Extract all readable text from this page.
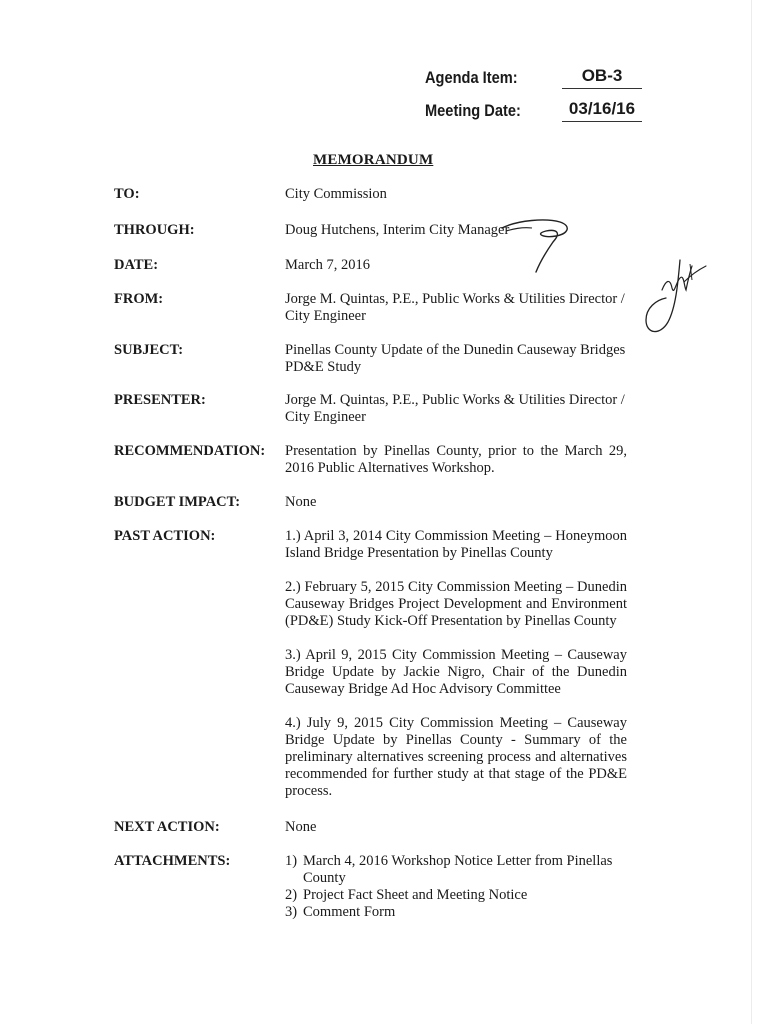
Agenda Item:	OB-3
Meeting Date:	03/16/16
MEMORANDUM
TO:	City Commission
THROUGH:	Doug Hutchens, Interim City Manager
DATE:	March 7, 2016
FROM:	Jorge M. Quintas, P.E., Public Works & Utilities Director / City Engineer
SUBJECT:	Pinellas County Update of the Dunedin Causeway Bridges PD&E Study
PRESENTER:	Jorge M. Quintas, P.E., Public Works & Utilities Director / City Engineer
RECOMMENDATION: Presentation by Pinellas County, prior to the March 29, 2016 Public Alternatives Workshop.
BUDGET IMPACT:	None
PAST ACTION:	1.) April 3, 2014 City Commission Meeting – Honeymoon Island Bridge Presentation by Pinellas County
2.) February 5, 2015 City Commission Meeting – Dunedin Causeway Bridges Project Development and Environment (PD&E) Study Kick-Off Presentation by Pinellas County
3.) April 9, 2015 City Commission Meeting – Causeway Bridge Update by Jackie Nigro, Chair of the Dunedin Causeway Bridge Ad Hoc Advisory Committee
4.) July 9, 2015 City Commission Meeting – Causeway Bridge Update by Pinellas County - Summary of the preliminary alternatives screening process and alternatives recommended for further study at that stage of the PD&E process.
NEXT ACTION:	None
ATTACHMENTS:	1) March 4, 2016 Workshop Notice Letter from Pinellas County
2) Project Fact Sheet and Meeting Notice
3) Comment Form
